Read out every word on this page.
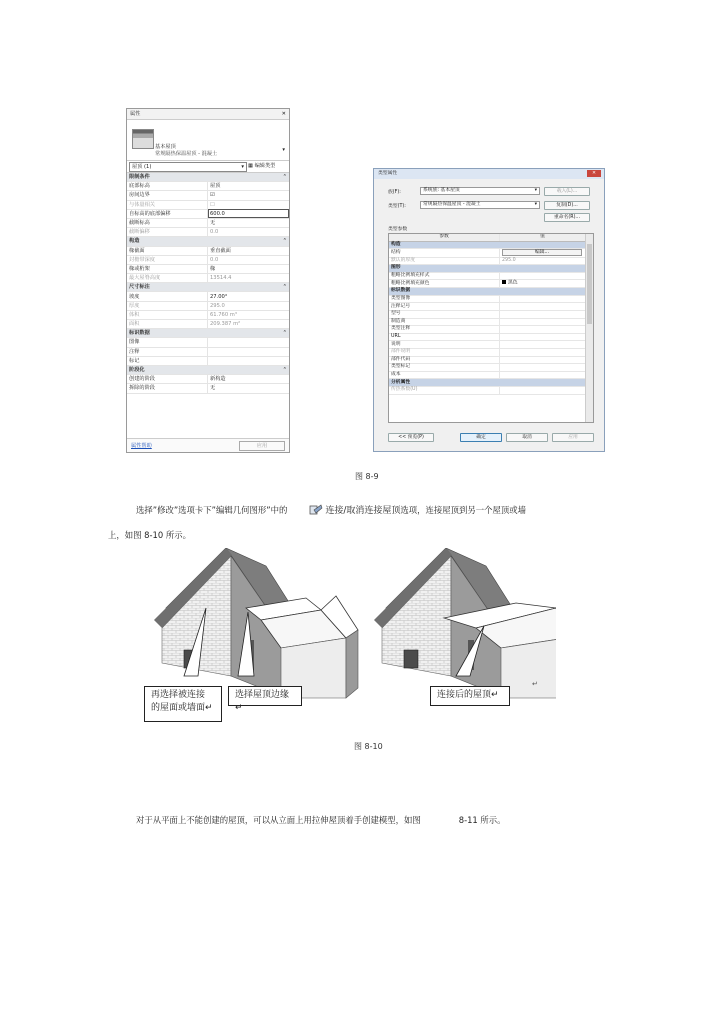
属性	✕
基本屋顶
常规隔热保温屋顶 - 混凝土
▾
屋顶 (1)	▾ ▦ 编辑类型
限制条件 ⌃	

底部标高	屋顶
房间边界	☑
与体量相关	☐
自标高的底部偏移	600.0
截断标高	无
截断偏移	0.0
构造 ⌃	

椽截面	垂直截面
封檐带深度	0.0
椽或桁架	椽
最大屋脊高度	13514.4
尺寸标注 ⌃	

坡度	27.00°
厚度	295.0
体积	61.760 m³
面积	209.387 m²
标识数据 ⌃	

图像	
注释	
标记	
阶段化 ⌃	

创建的阶段	新构造
拆除的阶段	无
属性帮助	应用
类型属性	✕
族(F):	系统族: 基本屋顶	▾	载入(L)...
类型(T):	常规隔热保温屋顶 - 混凝土	▾	复制(D)...
重命名(R)...
类型参数
参数	值
构造	
结构	编辑...
默认的厚度	295.0
图形	
粗略比例填充样式	
粗略比例填充颜色	黑色
标识数据	
类型图像	
注释记号	
型号	
制造商	
类型注释	
URL	
说明	
部件说明	
部件代码	
类型标记	
成本	
分析属性	
传热系数(U)	
<< 预览(P)	确定	取消	应用
图 8-9
选择”修改”选项卡下”编辑几何图形”中的	连接/取消连接屋顶选项，连接屋顶到另一个屋顶或墙
上，如图 8-10 所示。
再选择被连接
的屋面或墙面↵
选择屋顶边缘↵
连接后的屋顶↵
↵
图 8-10
对于从平面上不能创建的屋顶，可以从立面上用拉伸屋顶着手创建模型，如图	8-11 所示。
